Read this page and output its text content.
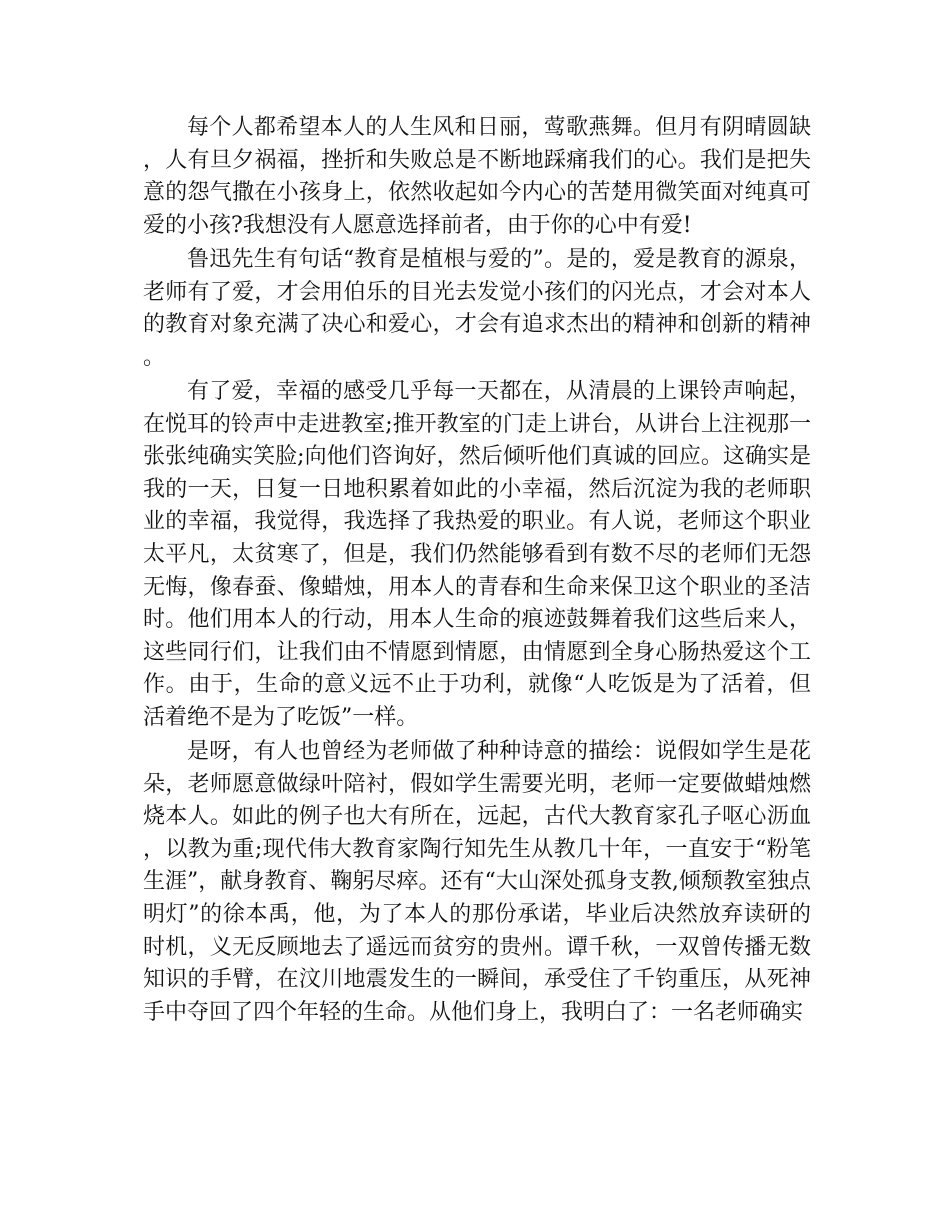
每个人都希望本人的人生风和日丽，莺歌燕舞。但月有阴晴圆缺，人有旦夕祸福，挫折和失败总是不断地踩痛我们的心。我们是把失意的怨气撒在小孩身上，依然收起如今内心的苦楚用微笑面对纯真可爱的小孩?我想没有人愿意选择前者，由于你的心中有爱!

鲁迅先生有句话“教育是植根与爱的”。是的，爱是教育的源泉，老师有了爱，才会用伯乐的目光去发觉小孩们的闪光点，才会对本人的教育对象充满了决心和爱心，才会有追求杰出的精神和创新的精神。

有了爱，幸福的感受几乎每一天都在，从清晨的上课铃声响起，在悦耳的铃声中走进教室;推开教室的门走上讲台，从讲台上注视那一张张纯确实笑脸;向他们咨询好，然后倾听他们真诚的回应。这确实是我的一天，日复一日地积累着如此的小幸福，然后沉淀为我的老师职业的幸福，我觉得，我选择了我热爱的职业。有人说，老师这个职业太平凡，太贫寒了，但是，我们仍然能够看到有数不尽的老师们无怨无悔，像春蚕、像蜡烛，用本人的青春和生命来保卫这个职业的圣洁时。他们用本人的行动，用本人生命的痕迹鼓舞着我们这些后来人，这些同行们，让我们由不情愿到情愿，由情愿到全身心肠热爱这个工作。由于，生命的意义远不止于功利，就像“人吃饭是为了活着，但活着绝不是为了吃饭”一样。

是呀，有人也曾经为老师做了种种诗意的描绘：说假如学生是花朵，老师愿意做绿叶陪衬，假如学生需要光明，老师一定要做蜡烛燃烧本人。如此的例子也大有所在，远起，古代大教育家孔子呕心沥血，以教为重;现代伟大教育家陶行知先生从教几十年，一直安于“粉笔生涯”，献身教育、鞠躬尽瘁。还有“大山深处孤身支教,倾颓教室独点明灯”的徐本禹，他，为了本人的那份承诺，毕业后决然放弃读研的时机，义无反顾地去了遥远而贫穷的贵州。谭千秋，一双曾传播无数知识的手臂，在汶川地震发生的一瞬间，承受住了千钧重压，从死神手中夺回了四个年轻的生命。从他们身上，我明白了：一名老师确实
